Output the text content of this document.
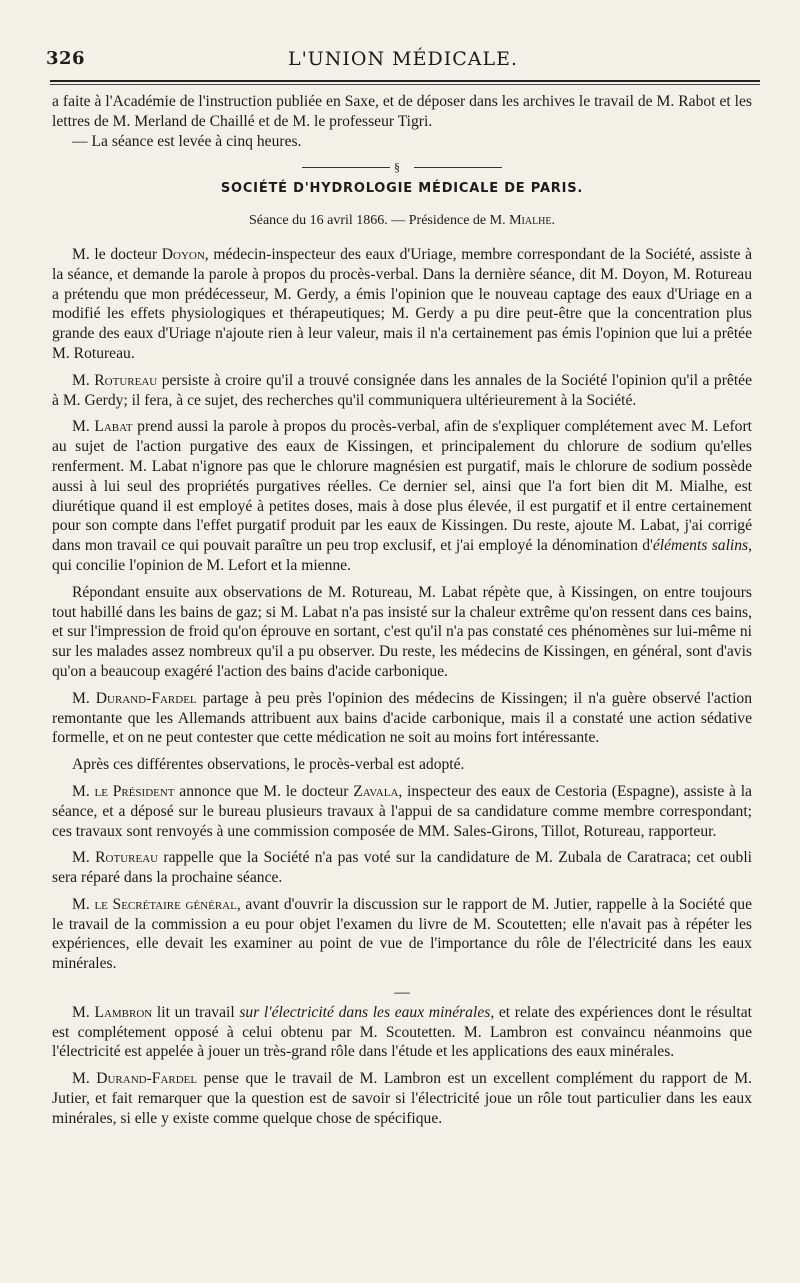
326	L'UNION MÉDICALE.

a faite à l'Académie de l'instruction publiée en Saxe, et de déposer dans les archives le travail de M. Rabot et les lettres de M. Merland de Chaillé et de M. le professeur Tigri.

— La séance est levée à cinq heures.

§
SOCIÉTÉ D'HYDROLOGIE MÉDICALE DE PARIS.
Séance du 16 avril 1866. — Présidence de M. Mialhe.

M. le docteur Doyon, médecin-inspecteur des eaux d'Uriage, membre correspondant de la Société, assiste à la séance, et demande la parole à propos du procès-verbal. Dans la dernière séance, dit M. Doyon, M. Rotureau a prétendu que mon prédécesseur, M. Gerdy, a émis l'opinion que le nouveau captage des eaux d'Uriage en a modifié les effets physiologiques et thérapeutiques; M. Gerdy a pu dire peut-être que la concentration plus grande des eaux d'Uriage n'ajoute rien à leur valeur, mais il n'a certainement pas émis l'opinion que lui a prêtée M. Rotureau.

M. Rotureau persiste à croire qu'il a trouvé consignée dans les annales de la Société l'opinion qu'il a prêtée à M. Gerdy; il fera, à ce sujet, des recherches qu'il communiquera ultérieurement à la Société.

M. Labat prend aussi la parole à propos du procès-verbal, afin de s'expliquer complétement avec M. Lefort au sujet de l'action purgative des eaux de Kissingen, et principalement du chlorure de sodium qu'elles renferment. M. Labat n'ignore pas que le chlorure magnésien est purgatif, mais le chlorure de sodium possède aussi à lui seul des propriétés purgatives réelles. Ce dernier sel, ainsi que l'a fort bien dit M. Mialhe, est diurétique quand il est employé à petites doses, mais à dose plus élevée, il est purgatif et il entre certainement pour son compte dans l'effet purgatif produit par les eaux de Kissingen. Du reste, ajoute M. Labat, j'ai corrigé dans mon travail ce qui pouvait paraître un peu trop exclusif, et j'ai employé la dénomination d'éléments salins, qui concilie l'opinion de M. Lefort et la mienne.

Répondant ensuite aux observations de M. Rotureau, M. Labat répète que, à Kissingen, on entre toujours tout habillé dans les bains de gaz; si M. Labat n'a pas insisté sur la chaleur extrême qu'on ressent dans ces bains, et sur l'impression de froid qu'on éprouve en sortant, c'est qu'il n'a pas constaté ces phénomènes sur lui-même ni sur les malades assez nombreux qu'il a pu observer. Du reste, les médecins de Kissingen, en général, sont d'avis qu'on a beaucoup exagéré l'action des bains d'acide carbonique.

M. Durand-Fardel partage à peu près l'opinion des médecins de Kissingen; il n'a guère observé l'action remontante que les Allemands attribuent aux bains d'acide carbonique, mais il a constaté une action sédative formelle, et on ne peut contester que cette médication ne soit au moins fort intéressante.

Après ces différentes observations, le procès-verbal est adopté.

M. le Président annonce que M. le docteur Zavala, inspecteur des eaux de Cestoria (Espagne), assiste à la séance, et a déposé sur le bureau plusieurs travaux à l'appui de sa candidature comme membre correspondant; ces travaux sont renvoyés à une commission composée de MM. Sales-Girons, Tillot, Rotureau, rapporteur.

M. Rotureau rappelle que la Société n'a pas voté sur la candidature de M. Zubala de Caratraca; cet oubli sera réparé dans la prochaine séance.

M. le Secrétaire général, avant d'ouvrir la discussion sur le rapport de M. Jutier, rappelle à la Société que le travail de la commission a eu pour objet l'examen du livre de M. Scoutetten; elle n'avait pas à répéter les expériences, elle devait les examiner au point de vue de l'importance du rôle de l'électricité dans les eaux minérales.

—

M. Lambron lit un travail sur l'électricité dans les eaux minérales, et relate des expériences dont le résultat est complétement opposé à celui obtenu par M. Scoutetten. M. Lambron est convaincu néanmoins que l'électricité est appelée à jouer un très-grand rôle dans l'étude et les applications des eaux minérales.

M. Durand-Fardel pense que le travail de M. Lambron est un excellent complément du rapport de M. Jutier, et fait remarquer que la question est de savoir si l'électricité joue un rôle tout particulier dans les eaux minérales, si elle y existe comme quelque chose de spécifique.
